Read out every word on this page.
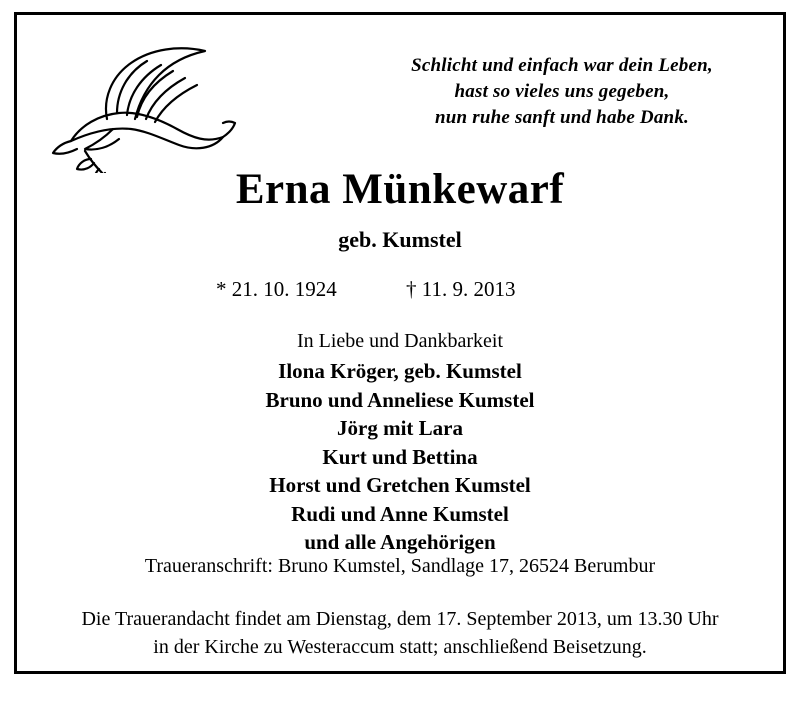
Schlicht und einfach war dein Leben,
hast so vieles uns gegeben,
nun ruhe sanft und habe Dank.
Erna Münkewarf
geb. Kumstel
* 21. 10. 1924	† 11. 9. 2013
In Liebe und Dankbarkeit
Ilona Kröger, geb. Kumstel
Bruno und Anneliese Kumstel
Jörg mit Lara
Kurt und Bettina
Horst und Gretchen Kumstel
Rudi und Anne Kumstel
und alle Angehörigen
Traueranschrift: Bruno Kumstel, Sandlage 17, 26524 Berumbur
Die Trauerandacht findet am Dienstag, dem 17. September 2013, um 13.30 Uhr
in der Kirche zu Westeraccum statt; anschließend Beisetzung.
